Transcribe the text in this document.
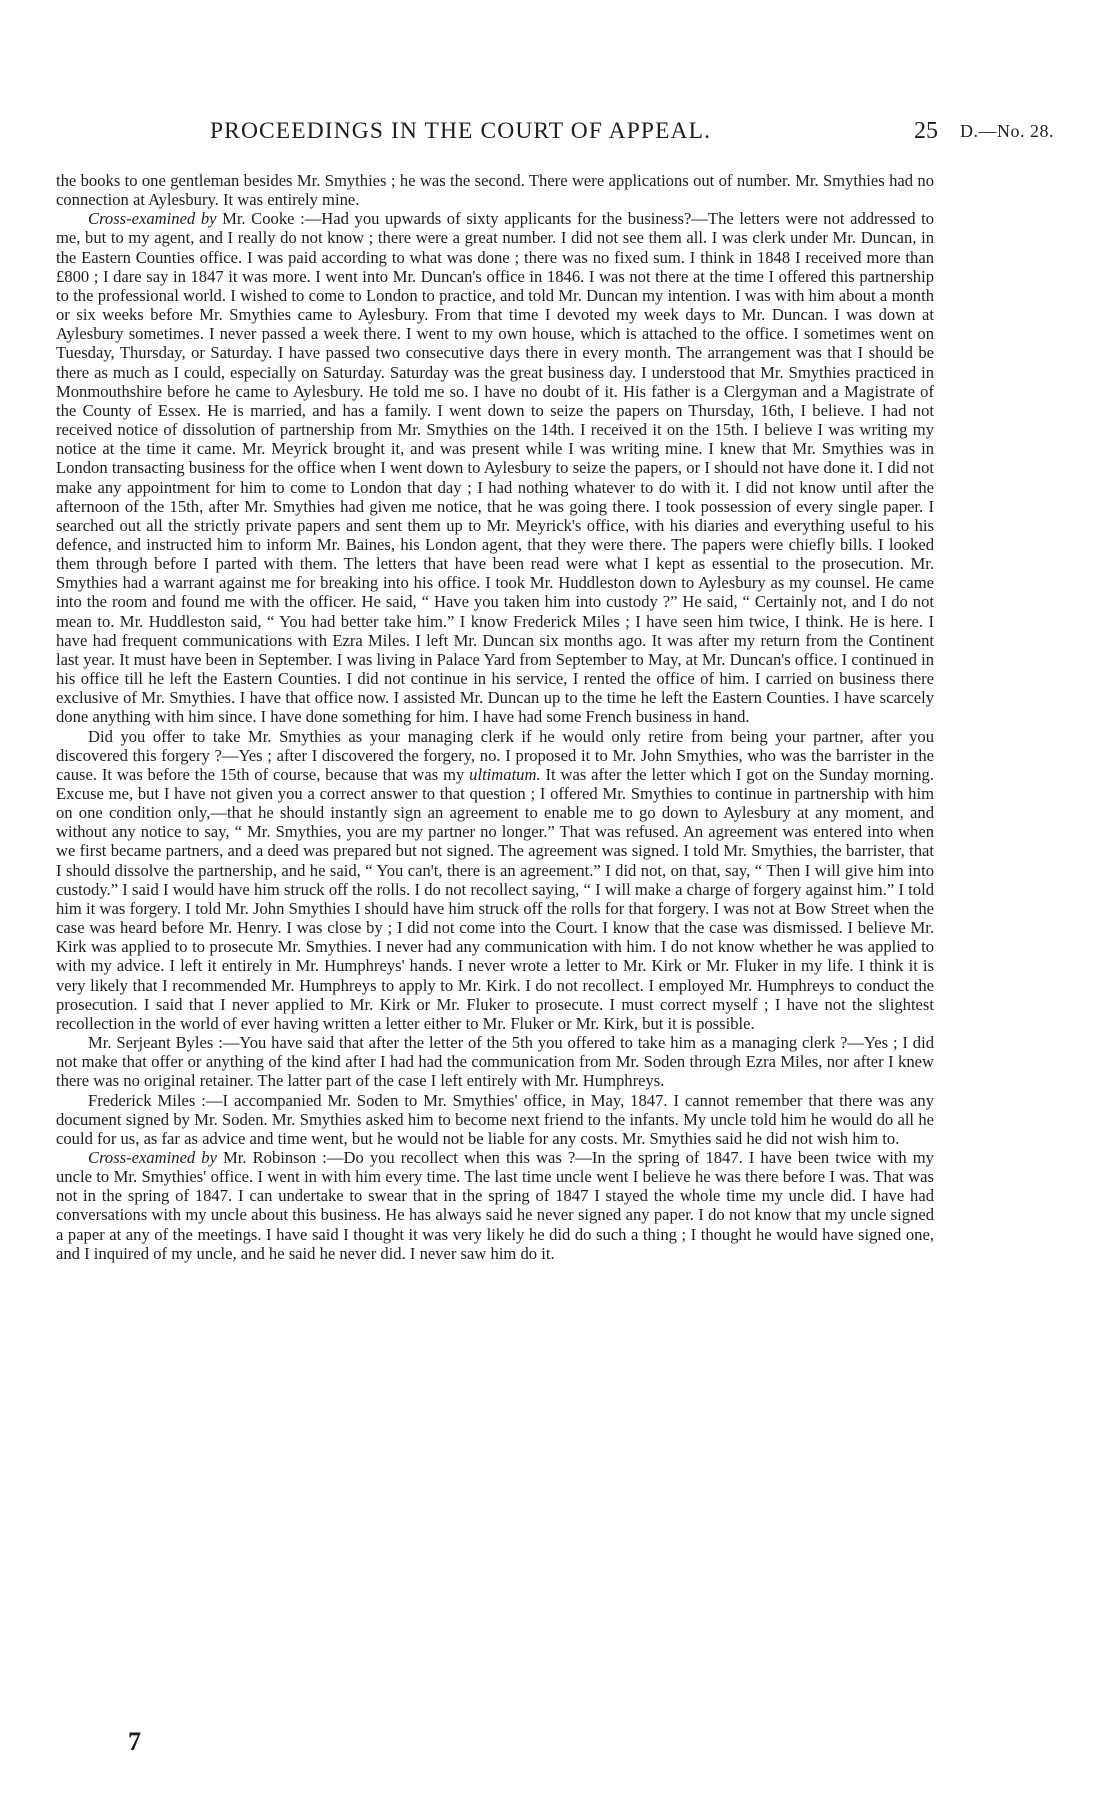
PROCEEDINGS IN THE COURT OF APPEAL.	25 D.—No. 28.

the books to one gentleman besides Mr. Smythies ; he was the second. There were applications out of number. Mr. Smythies had no connection at Aylesbury. It was entirely mine.

Cross-examined by Mr. Cooke :—Had you upwards of sixty applicants for the business?—The letters were not addressed to me, but to my agent, and I really do not know ; there were a great number. I did not see them all. I was clerk under Mr. Duncan, in the Eastern Counties office. I was paid according to what was done ; there was no fixed sum. I think in 1848 I received more than £800 ; I dare say in 1847 it was more. I went into Mr. Duncan's office in 1846. I was not there at the time I offered this partnership to the professional world. I wished to come to London to practice, and told Mr. Duncan my intention. I was with him about a month or six weeks before Mr. Smythies came to Aylesbury. From that time I devoted my week days to Mr. Duncan. I was down at Aylesbury sometimes. I never passed a week there. I went to my own house, which is attached to the office. I sometimes went on Tuesday, Thursday, or Saturday. I have passed two consecutive days there in every month. The arrangement was that I should be there as much as I could, especially on Saturday. Saturday was the great business day. I understood that Mr. Smythies practiced in Monmouthshire before he came to Aylesbury. He told me so. I have no doubt of it. His father is a Clergyman and a Magistrate of the County of Essex. He is married, and has a family. I went down to seize the papers on Thursday, 16th, I believe. I had not received notice of dissolution of partnership from Mr. Smythies on the 14th. I received it on the 15th. I believe I was writing my notice at the time it came. Mr. Meyrick brought it, and was present while I was writing mine. I knew that Mr. Smythies was in London transacting business for the office when I went down to Aylesbury to seize the papers, or I should not have done it. I did not make any appointment for him to come to London that day ; I had nothing whatever to do with it. I did not know until after the afternoon of the 15th, after Mr. Smythies had given me notice, that he was going there. I took possession of every single paper. I searched out all the strictly private papers and sent them up to Mr. Meyrick's office, with his diaries and everything useful to his defence, and instructed him to inform Mr. Baines, his London agent, that they were there. The papers were chiefly bills. I looked them through before I parted with them. The letters that have been read were what I kept as essential to the prosecution. Mr. Smythies had a warrant against me for breaking into his office. I took Mr. Huddleston down to Aylesbury as my counsel. He came into the room and found me with the officer. He said, “ Have you taken him into custody ?” He said, “ Certainly not, and I do not mean to. Mr. Huddleston said, “ You had better take him.” I know Frederick Miles ; I have seen him twice, I think. He is here. I have had frequent communications with Ezra Miles. I left Mr. Duncan six months ago. It was after my return from the Continent last year. It must have been in September. I was living in Palace Yard from September to May, at Mr. Duncan's office. I continued in his office till he left the Eastern Counties. I did not continue in his service, I rented the office of him. I carried on business there exclusive of Mr. Smythies. I have that office now. I assisted Mr. Duncan up to the time he left the Eastern Counties. I have scarcely done anything with him since. I have done something for him. I have had some French business in hand.

Did you offer to take Mr. Smythies as your managing clerk if he would only retire from being your partner, after you discovered this forgery ?—Yes ; after I discovered the forgery, no. I proposed it to Mr. John Smythies, who was the barrister in the cause. It was before the 15th of course, because that was my ultimatum. It was after the letter which I got on the Sunday morning. Excuse me, but I have not given you a correct answer to that question ; I offered Mr. Smythies to continue in partnership with him on one condition only,—that he should instantly sign an agreement to enable me to go down to Aylesbury at any moment, and without any notice to say, “ Mr. Smythies, you are my partner no longer.” That was refused. An agreement was entered into when we first became partners, and a deed was prepared but not signed. The agreement was signed. I told Mr. Smythies, the barrister, that I should dissolve the partnership, and he said, “ You can't, there is an agreement.” I did not, on that, say, “ Then I will give him into custody.” I said I would have him struck off the rolls. I do not recollect saying, “ I will make a charge of forgery against him.” I told him it was forgery. I told Mr. John Smythies I should have him struck off the rolls for that forgery. I was not at Bow Street when the case was heard before Mr. Henry. I was close by ; I did not come into the Court. I know that the case was dismissed. I believe Mr. Kirk was applied to to prosecute Mr. Smythies. I never had any communication with him. I do not know whether he was applied to with my advice. I left it entirely in Mr. Humphreys' hands. I never wrote a letter to Mr. Kirk or Mr. Fluker in my life. I think it is very likely that I recommended Mr. Humphreys to apply to Mr. Kirk. I do not recollect. I employed Mr. Humphreys to conduct the prosecution. I said that I never applied to Mr. Kirk or Mr. Fluker to prosecute. I must correct myself ; I have not the slightest recollection in the world of ever having written a letter either to Mr. Fluker or Mr. Kirk, but it is possible.

Mr. Serjeant Byles :—You have said that after the letter of the 5th you offered to take him as a managing clerk ?—Yes ; I did not make that offer or anything of the kind after I had had the communication from Mr. Soden through Ezra Miles, nor after I knew there was no original retainer. The latter part of the case I left entirely with Mr. Humphreys.

Frederick Miles :—I accompanied Mr. Soden to Mr. Smythies' office, in May, 1847. I cannot remember that there was any document signed by Mr. Soden. Mr. Smythies asked him to become next friend to the infants. My uncle told him he would do all he could for us, as far as advice and time went, but he would not be liable for any costs. Mr. Smythies said he did not wish him to.

Cross-examined by Mr. Robinson :—Do you recollect when this was ?—In the spring of 1847. I have been twice with my uncle to Mr. Smythies' office. I went in with him every time. The last time uncle went I believe he was there before I was. That was not in the spring of 1847. I can undertake to swear that in the spring of 1847 I stayed the whole time my uncle did. I have had conversations with my uncle about this business. He has always said he never signed any paper. I do not know that my uncle signed a paper at any of the meetings. I have said I thought it was very likely he did do such a thing ; I thought he would have signed one, and I inquired of my uncle, and he said he never did. I never saw him do it.

7
